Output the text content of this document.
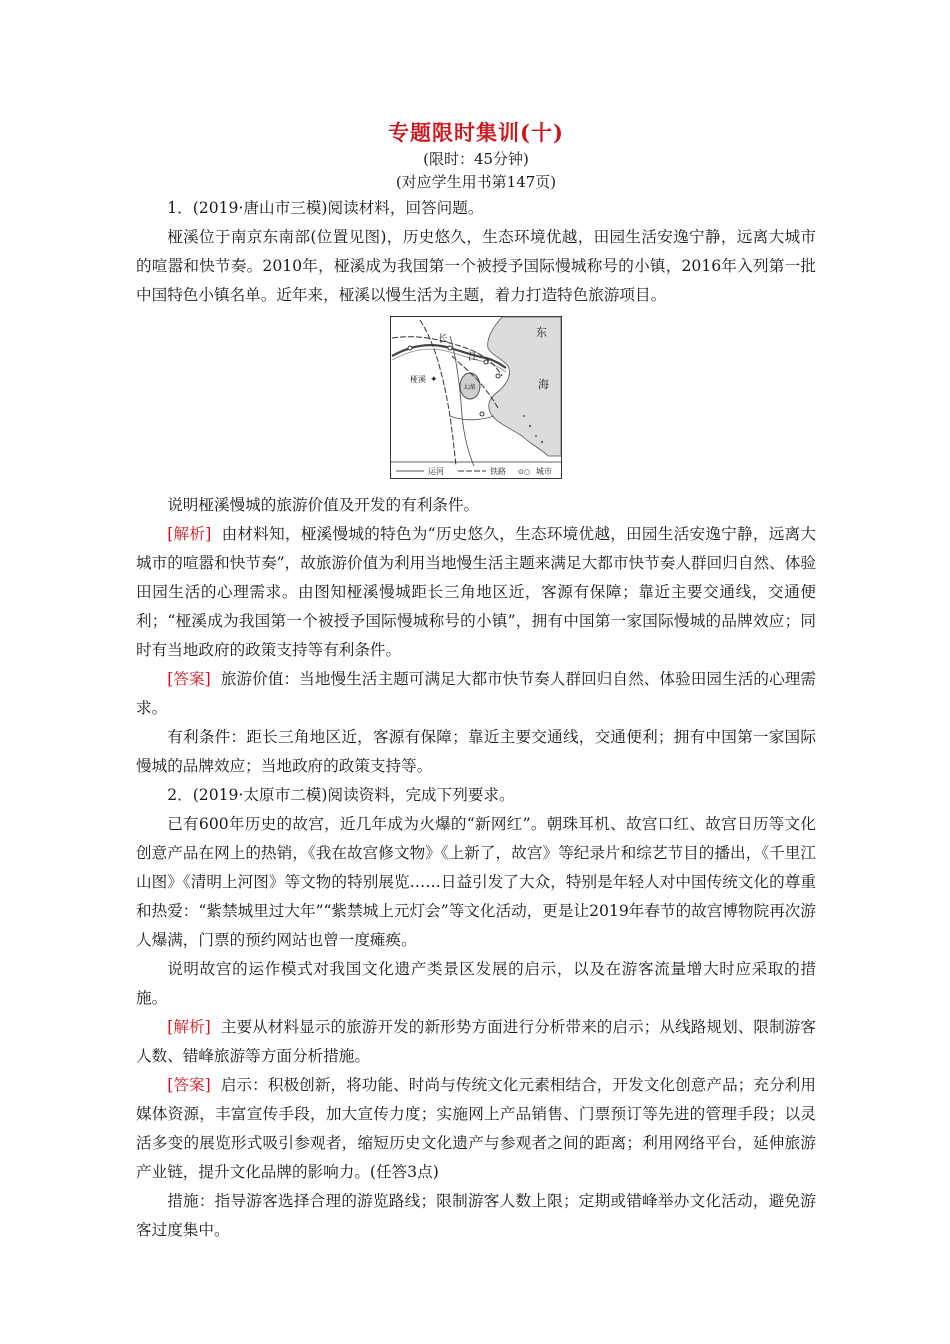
专题限时集训(十)
(限时：45分钟)
(对应学生用书第147页)

1．(2019·唐山市三模)阅读材料，回答问题。

桠溪位于南京东南部(位置见图)，历史悠久，生态环境优越，田园生活安逸宁静，远离大城市的喧嚣和快节奏。2010年，桠溪成为我国第一个被授予国际慢城称号的小镇，2016年入列第一批中国特色小镇名单。近年来，桠溪以慢生活为主题，着力打造特色旅游项目。

长
江
东
海
桠溪 ✦
太湖
运河	铁路 ⊙○ 城市

说明桠溪慢城的旅游价值及开发的有利条件。

[解析] 由材料知，桠溪慢城的特色为“历史悠久，生态环境优越，田园生活安逸宁静，远离大城市的喧嚣和快节奏”，故旅游价值为利用当地慢生活主题来满足大都市快节奏人群回归自然、体验田园生活的心理需求。由图知桠溪慢城距长三角地区近，客源有保障；靠近主要交通线，交通便利；“桠溪成为我国第一个被授予国际慢城称号的小镇”，拥有中国第一家国际慢城的品牌效应；同时有当地政府的政策支持等有利条件。

[答案] 旅游价值：当地慢生活主题可满足大都市快节奏人群回归自然、体验田园生活的心理需求。

有利条件：距长三角地区近，客源有保障；靠近主要交通线，交通便利；拥有中国第一家国际慢城的品牌效应；当地政府的政策支持等。

2．(2019·太原市二模)阅读资料，完成下列要求。

已有600年历史的故宫，近几年成为火爆的“新网红”。朝珠耳机、故宫口红、故宫日历等文化创意产品在网上的热销，《我在故宫修文物》《上新了，故宫》等纪录片和综艺节目的播出，《千里江山图》《清明上河图》等文物的特别展览……日益引发了大众，特别是年轻人对中国传统文化的尊重和热爱：“紫禁城里过大年”“紫禁城上元灯会”等文化活动，更是让2019年春节的故宫博物院再次游人爆满，门票的预约网站也曾一度瘫痪。

说明故宫的运作模式对我国文化遗产类景区发展的启示，以及在游客流量增大时应采取的措施。

[解析] 主要从材料显示的旅游开发的新形势方面进行分析带来的启示；从线路规划、限制游客人数、错峰旅游等方面分析措施。

[答案] 启示：积极创新，将功能、时尚与传统文化元素相结合，开发文化创意产品；充分利用媒体资源，丰富宣传手段，加大宣传力度；实施网上产品销售、门票预订等先进的管理手段；以灵活多变的展览形式吸引参观者，缩短历史文化遗产与参观者之间的距离；利用网络平台，延伸旅游产业链，提升文化品牌的影响力。(任答3点)

措施：指导游客选择合理的游览路线；限制游客人数上限；定期或错峰举办文化活动，避免游客过度集中。
